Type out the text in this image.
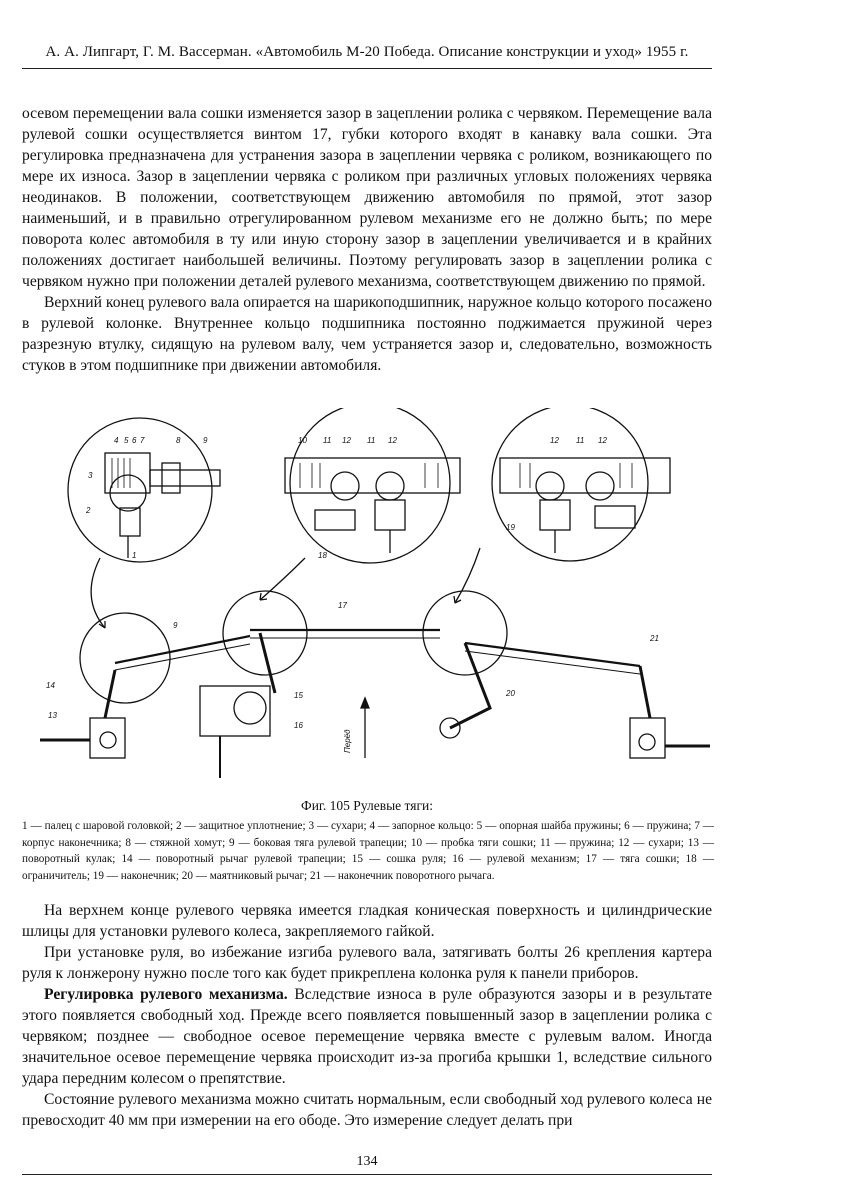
А. А. Липгарт, Г. М. Вассерман. «Автомобиль М-20 Победа. Описание конструкции и уход» 1955 г.

осевом перемещении вала сошки изменяется зазор в зацеплении ролика с червяком. Перемещение вала рулевой сошки осуществляется винтом 17, губки которого входят в канавку вала сошки. Эта регулировка предназначена для устранения зазора в зацеплении червяка с роликом, возникающего по мере их износа. Зазор в зацеплении червяка с роликом при различных угловых положениях червяка неодинаков. В положении, соответствующем движению автомобиля по прямой, этот зазор наименьший, и в правильно отрегулированном рулевом механизме его не должно быть; по мере поворота колес автомобиля в ту или иную сторону зазор в зацеплении увеличивается и в крайних положениях достигает наибольшей величины. Поэтому регулировать зазор в зацеплении ролика с червяком нужно при положении деталей рулевого механизма, соответствующем движению по прямой.

Верхний конец рулевого вала опирается на шарикоподшипник, наружное кольцо которого посажено в рулевой колонке. Внутреннее кольцо подшипника постоянно поджимается пружиной через разрезную втулку, сидящую на рулевом валу, чем устраняется зазор и, следовательно, возможность стуков в этом подшипнике при движении автомобиля.

4 5 6 7	8	9
3
2
1
10 11 12 11 12
18
12 11 12
19
9
17
14
13
15
16
20
21
Перёд
Фиг. 105 Рулевые тяги:
1 — палец с шаровой головкой; 2 — защитное уплотнение; 3 — сухари; 4 — запорное кольцо: 5 — опорная шайба пружины; 6 — пружина; 7 — корпус наконечника; 8 — стяжной хомут; 9 — боковая тяга рулевой трапеции; 10 — пробка тяги сошки; 11 — пружина; 12 — сухари; 13 — поворотный кулак; 14 — поворотный рычаг рулевой трапеции; 15 — сошка руля; 16 — рулевой механизм; 17 — тяга сошки; 18 — ограничитель; 19 — наконечник; 20 — маятниковый рычаг; 21 — наконечник поворотного рычага.

На верхнем конце рулевого червяка имеется гладкая коническая поверхность и цилиндрические шлицы для установки рулевого колеса, закрепляемого гайкой.

При установке руля, во избежание изгиба рулевого вала, затягивать болты 26 крепления картера руля к лонжерону нужно после того как будет прикреплена колонка руля к панели приборов.

Регулировка рулевого механизма. Вследствие износа в руле образуются зазоры и в результате этого появляется свободный ход. Прежде всего появляется повышенный зазор в зацеплении ролика с червяком; позднее — свободное осевое перемещение червяка вместе с рулевым валом. Иногда значительное осевое перемещение червяка происходит из-за прогиба крышки 1, вследствие сильного удара передним колесом о препятствие.

Состояние рулевого механизма можно считать нормальным, если свободный ход рулевого колеса не превосходит 40 мм при измерении на его ободе. Это измерение следует делать при

134
